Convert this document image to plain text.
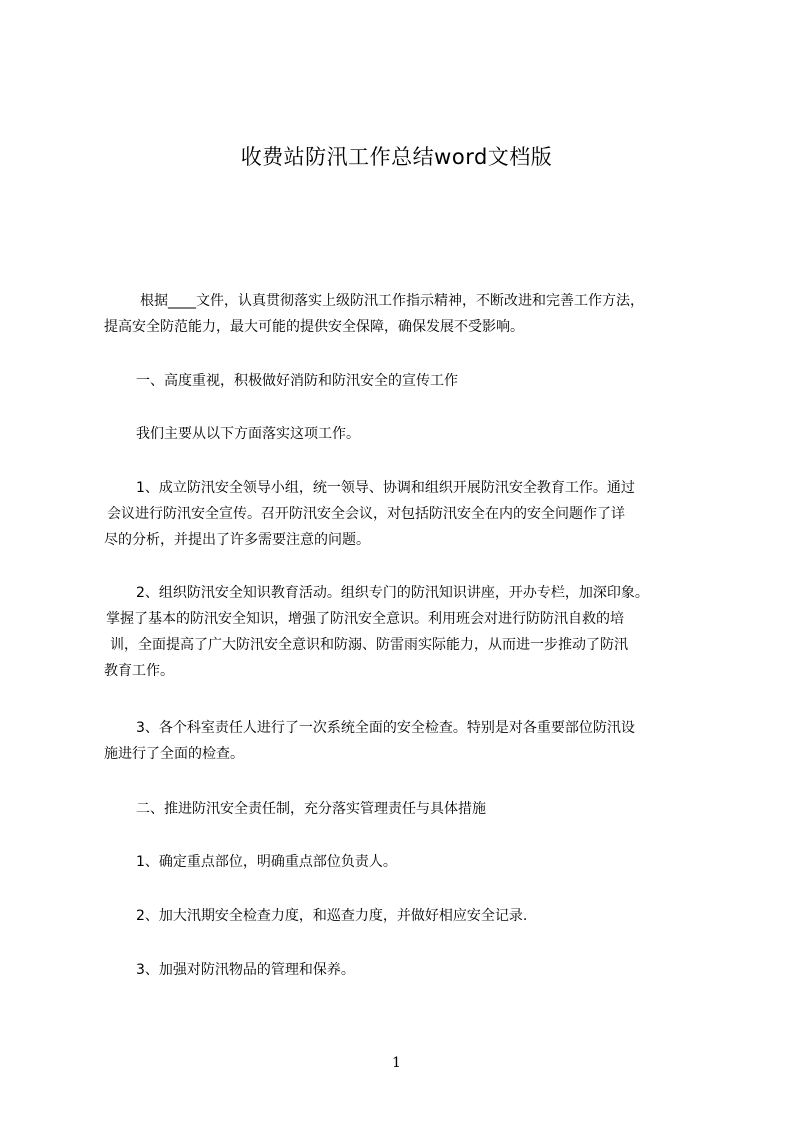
收费站防汛工作总结word文档版
根据____文件，认真贯彻落实上级防汛工作指示精神，不断改进和完善工作方法，
提高安全防范能力，最大可能的提供安全保障，确保发展不受影响。
一、高度重视，积极做好消防和防汛安全的宣传工作
我们主要从以下方面落实这项工作。
1、成立防汛安全领导小组，统一领导、协调和组织开展防汛安全教育工作。通过
会议进行防汛安全宣传。召开防汛安全会议，对包括防汛安全在内的安全问题作了详
尽的分析，并提出了许多需要注意的问题。
2、组织防汛安全知识教育活动。组织专门的防汛知识讲座，开办专栏，加深印象。
掌握了基本的防汛安全知识，增强了防汛安全意识。利用班会对进行防防汛自救的培
训，全面提高了广大防汛安全意识和防溺、防雷雨实际能力，从而进一步推动了防汛
教育工作。
3、各个科室责任人进行了一次系统全面的安全检查。特别是对各重要部位防汛设
施进行了全面的检查。
二、推进防汛安全责任制，充分落实管理责任与具体措施
1、确定重点部位，明确重点部位负责人。
2、加大汛期安全检查力度，和巡查力度，并做好相应安全记录.
3、加强对防汛物品的管理和保养。
1
